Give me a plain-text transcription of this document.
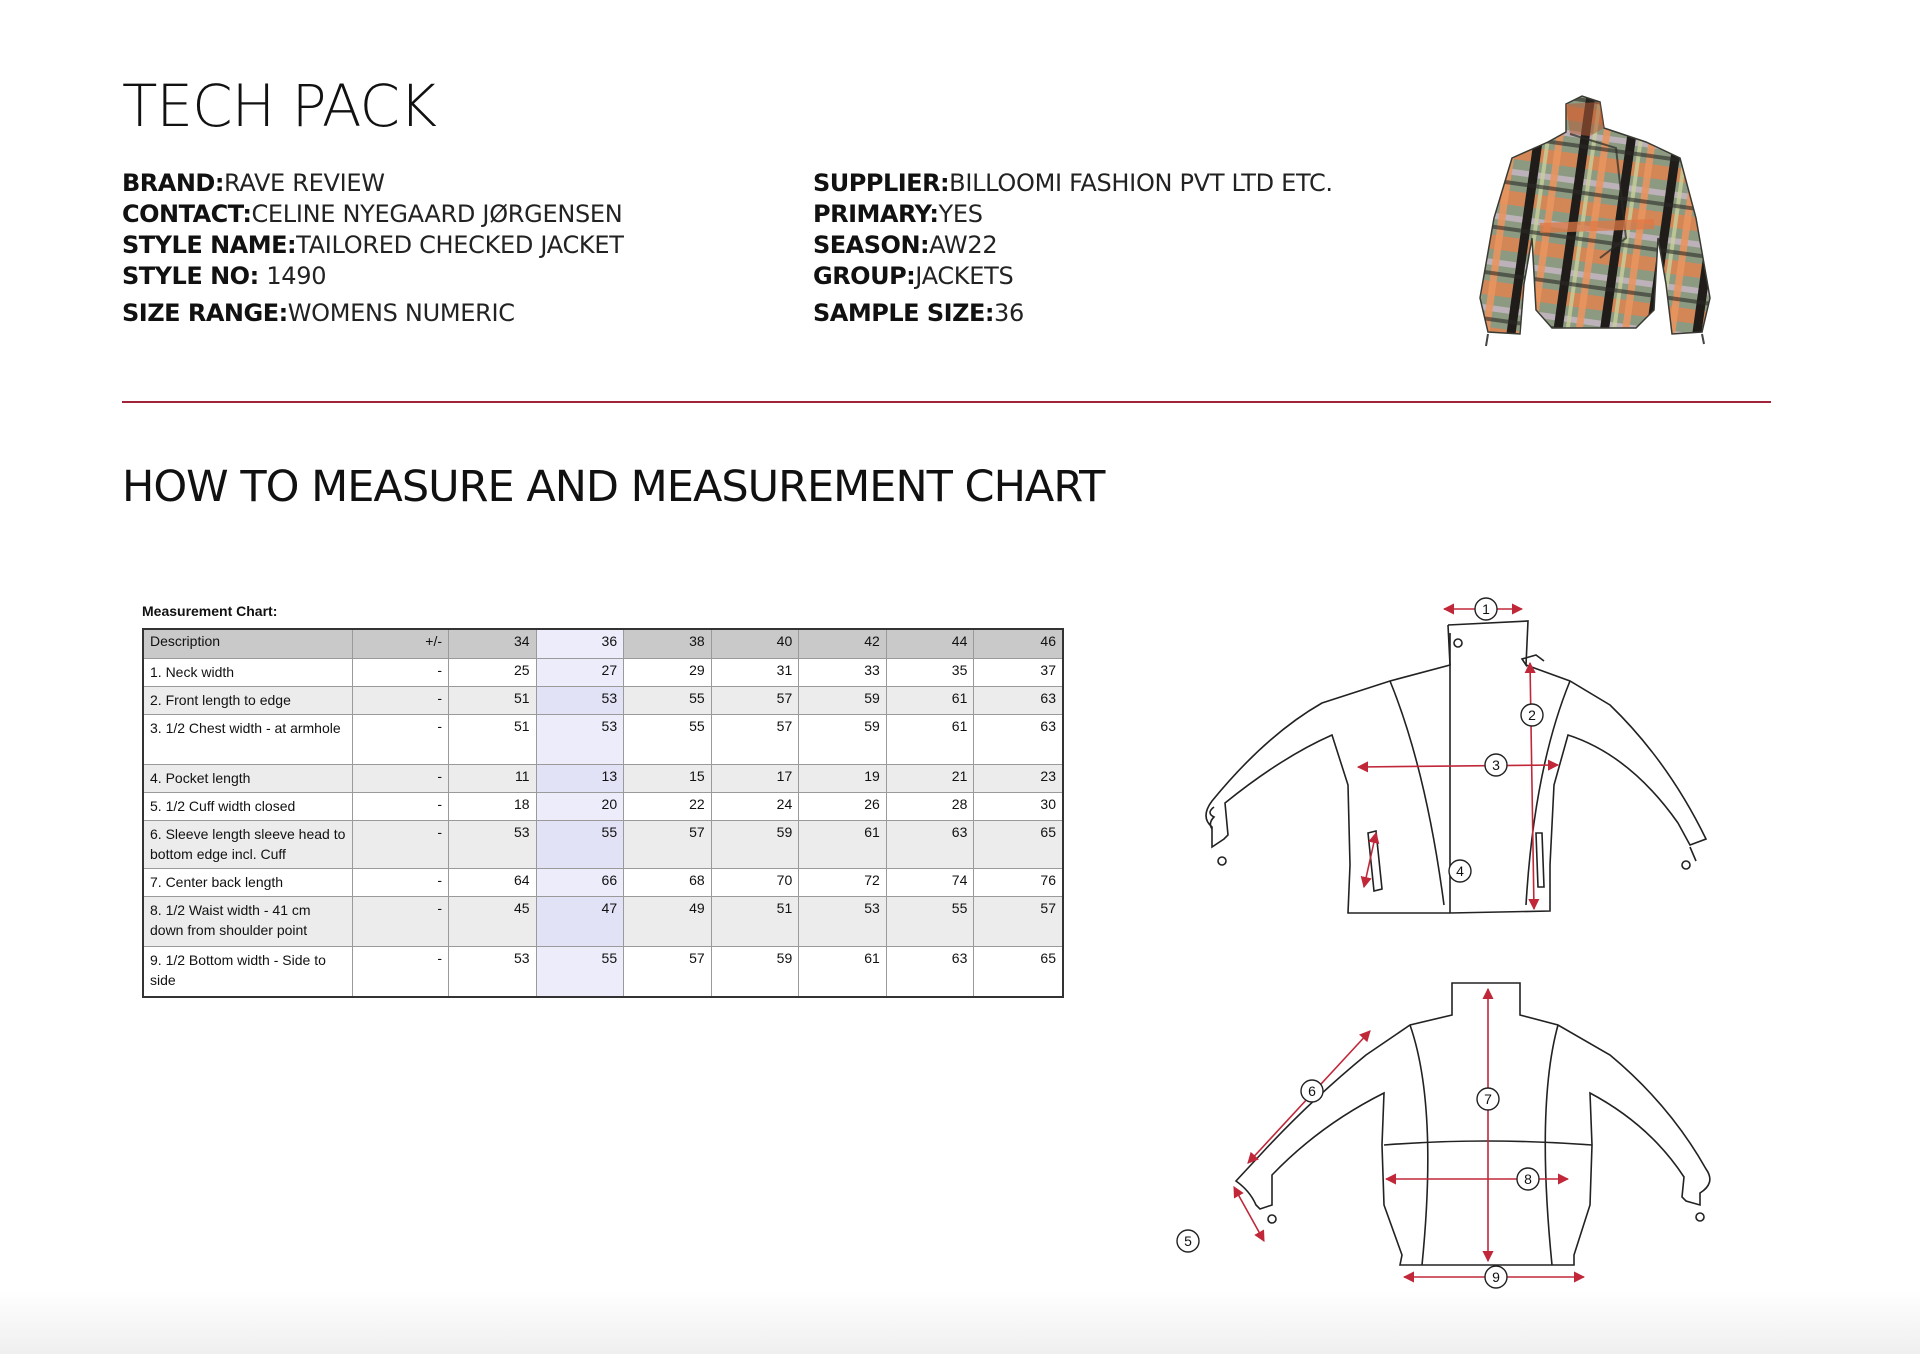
TECH PACK
BRAND:RAVE REVIEW
CONTACT:CELINE NYEGAARD JØRGENSEN
STYLE NAME:TAILORED CHECKED JACKET
STYLE NO: 1490
SIZE RANGE:WOMENS NUMERIC
SUPPLIER:BILLOOMI FASHION PVT LTD ETC.
PRIMARY:YES
SEASON:AW22
GROUP:JACKETS
SAMPLE SIZE:36
HOW TO MEASURE AND MEASUREMENT CHART
Measurement Chart:
Description	+/-	34	36	38	40	42	44	46
1. Neck width	-	25	27	29	31	33	35	37
2. Front length to edge	-	51	53	55	57	59	61	63
3. 1/2 Chest width - at armhole	-	51	53	55	57	59	61	63
4. Pocket length	-	11	13	15	17	19	21	23
5. 1/2 Cuff width closed	-	18	20	22	24	26	28	30
6. Sleeve length sleeve head to bottom edge incl. Cuff	-	53	55	57	59	61	63	65
7. Center back length	-	64	66	68	70	72	74	76
8. 1/2 Waist width - 41 cm down from shoulder point	-	45	47	49	51	53	55	57
9. 1/2 Bottom width - Side to side	-	53	55	57	59	61	63	65
1
2
3
4
5
6	7
8
9
